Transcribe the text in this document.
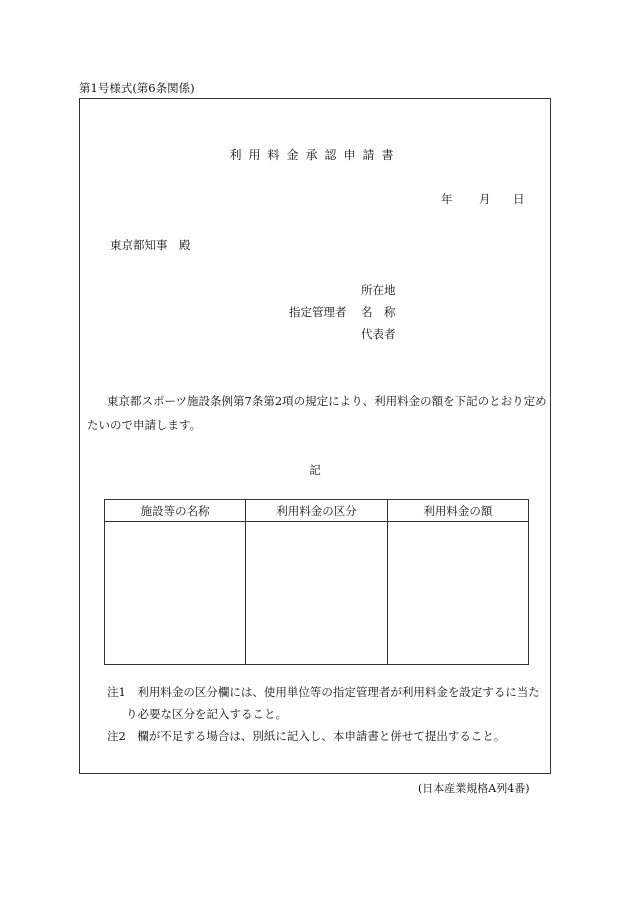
第1号様式(第6条関係)
利用料金承認申請書
年 月 日
東京都知事　殿
所在地
指定管理者 名　称
代表者
東京都スポーツ施設条例第7条第2項の規定により、利用料金の額を下記のとおり定め
たいので申請します。
記
施設等の名称	利用料金の区分	利用料金の額

注1　利用料金の区分欄には、使用単位等の指定管理者が利用料金を設定するに当た
り必要な区分を記入すること。
注2　欄が不足する場合は、別紙に記入し、本申請書と併せて提出すること。
(日本産業規格A列4番)
